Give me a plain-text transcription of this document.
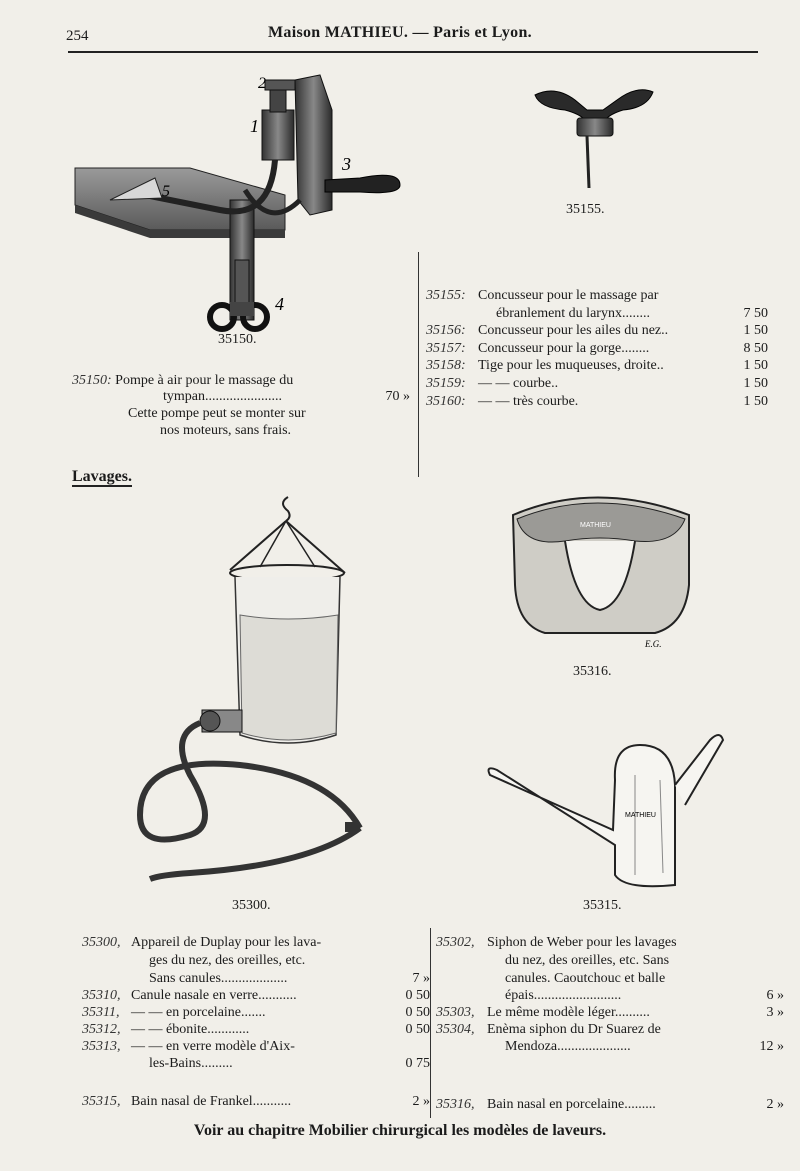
254	Maison MATHIEU. — Paris et Lyon.
2
1
3
4
5
35150.
35155.
35150: Pompe à air pour le massage du
tympan......................	70 »
Cette pompe peut se monter sur
nos moteurs, sans frais.
35155: Concusseur pour le massage par
ébranlement du larynx........	7 50
35156: Concusseur pour les ailes du nez..	1 50
35157: Concusseur pour la gorge........	8 50
35158: Tige pour les muqueuses, droite..	1 50
35159: — — courbe..	1 50
35160: — — très courbe.	1 50
Lavages.
35300.
MATHIEU
E.G.
35316.
MATHIEU
35315.
35300, Appareil de Duplay pour les lava-
ges du nez, des oreilles, etc.
Sans canules...................	7 »
35310, Canule nasale en verre...........	0 50
35311, — — en porcelaine.......	0 50
35312, — — ébonite............	0 50
35313, — — en verre modèle d'Aix-
les-Bains.........	0 75
35315, Bain nasal de Frankel...........	2 »
35302, Siphon de Weber pour les lavages
du nez, des oreilles, etc. Sans
canules. Caoutchouc et balle
épais.........................	6 »
35303, Le même modèle léger..........	3 »
35304, Enèma siphon du Dr Suarez de
Mendoza.....................	12 »
35316, Bain nasal en porcelaine.........	2 »
Voir au chapitre Mobilier chirurgical les modèles de laveurs.
